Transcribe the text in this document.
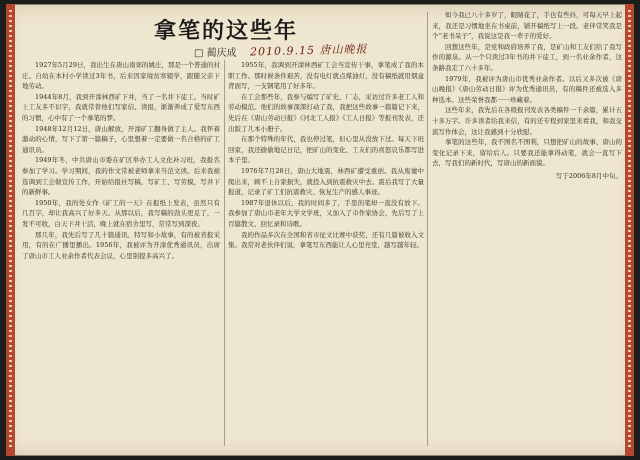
拿笔的这些年
□ 蔺庆成 2010.9.15 唐山晚报

1927年5月29日，我出生在唐山南郊的姚庄，那是一个普通的村庄。自幼在本村小学读过3年书，后来因家境贫寒辍学，跟随父亲下地劳动。

1944年8月，我到开滦林西矿下井，当了一名井下徒工。当时矿上工友多不识字，我就常替他们写家信、读报，渐渐养成了爱写东西的习惯，心中有了一个拿笔的梦。

1948年12月12日，唐山解放，开滦矿工翻身做了主人。我怀着激动的心情，写下了第一篇稿子，心里想着一定要做一名合格的矿工通讯员。

1949年冬，中共唐山市委在矿区举办工人文化补习班，我报名参加了学习。学习期间，我的作文常被老师拿来当范文读。后来我被选调到工会做宣传工作，开始给报社写稿，写矿工、写劳模，写井下的新鲜事。

1950年，我的处女作《矿工的一天》在报纸上发表，虽然只有几百字，却让我高兴了好多天。从那以后，我写稿的劲头更足了，一发不可收，白天下井干活，晚上就在宿舍里写，常常写到深夜。

那几年，我先后写了几十篇通讯、特写和小故事，有的被省报采用，有的在广播里播出。1956年，我被评为开滦优秀通讯员，出席了唐山市工人业余作者代表会议，心里别提多高兴了。

1955年，我调到开滦林西矿工会当宣传干事，拿笔成了我的本职工作。那时候条件艰苦，没有电灯就点煤油灯，没有稿纸就用烟盒背面写，一支钢笔用了好多年。

在工会那些年，我参与编写了矿史、厂志，采访过许多老工人和劳动模范。他们的故事深深打动了我，我把这些故事一篇篇记下来，先后在《唐山劳动日报》《河北工人报》《工人日报》等报刊发表，还出版了几本小册子。

在那个特殊的年代，我也停过笔，但心里从没放下过。每天下班回家，我还偷偷地记日记，把矿山的变化、工友们的喜怒哀乐都写进本子里。

1976年7月28日，唐山大地震，林西矿遭受重创。我从废墟中爬出来，顾不上自家损失，就投入到抗震救灾中去。震后我写了大量报道，记录了矿工们抗震救灾、恢复生产的感人事迹。

1987年退休以后，我的时间多了，手里的笔却一直没有放下。我参加了唐山市老年大学文学班，又加入了市作家协会，先后写了上百篇散文、回忆录和诗歌。

我的作品多次在全国和省市征文比赛中获奖，还有几篇被收入文集。我常对老伙伴们说，拿笔写东西能让人心里亮堂，越写越年轻。

如今我已八十多岁了，眼睛花了，手也有些抖，可每天早上起来，我还是习惯地坐在书桌前，铺开稿纸写上一段。老伴常笑我是个“老书呆子”，我说这是我一辈子的爱好。

回想这些年，是党和政府培养了我，是矿山和工友们给了我写作的源泉。从一个只读过3年书的井下徒工，到一名业余作者，这条路我走了六十多年。

1979年，我被评为唐山市优秀业余作者。以后又多次被《唐山晚报》《唐山劳动日报》评为优秀通讯员，有的稿件还被选入多种选本。这些荣誉我都一一珍藏着。

这些年来，我先后在各级报刊发表各类稿件一千余篇，累计五十多万字。许多读者给我来信，有的还专程到家里来看我，和我交流写作体会，这让我感到十分欣慰。

拿笔的这些年，我不图名不图利，只想把矿山的故事、唐山的变化记录下来，留给后人。只要我还能拿得动笔，就会一直写下去，写我们的新时代，写唐山的新面貌。

写于2006年8月中旬。
